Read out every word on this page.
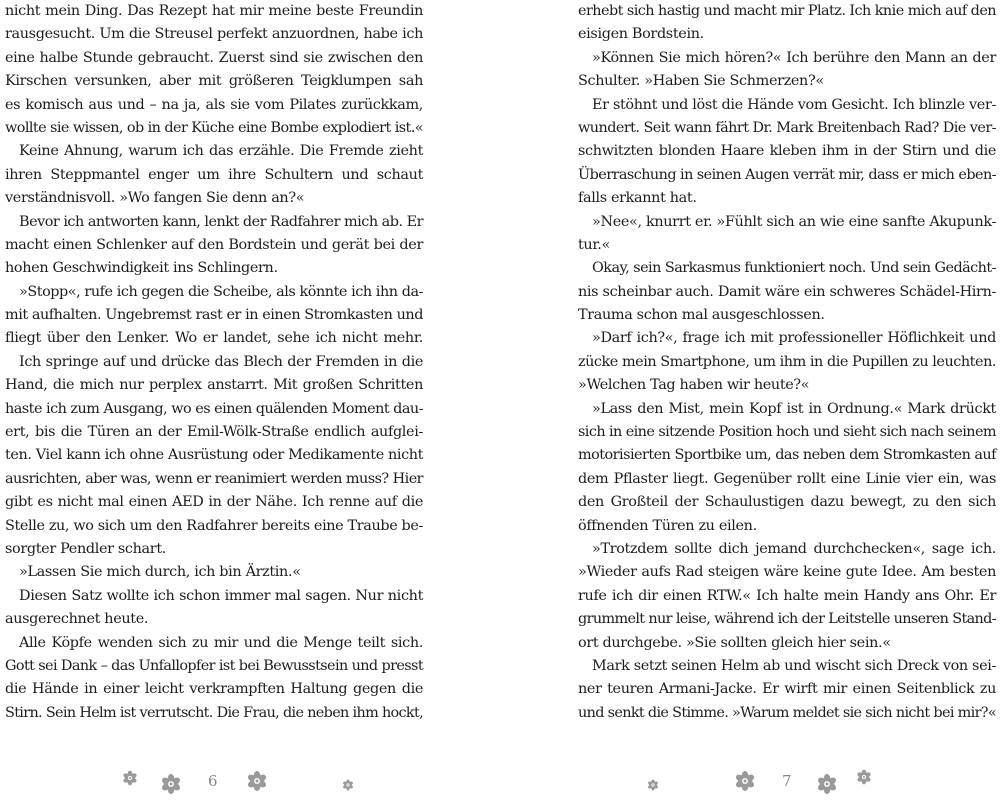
nicht mein Ding. Das Rezept hat mir meine beste Freundin
rausgesucht. Um die Streusel perfekt anzuordnen, habe ich
eine halbe Stunde gebraucht. Zuerst sind sie zwischen den
Kirschen versunken, aber mit größeren Teigklumpen sah
es komisch aus und – na ja, als sie vom Pilates zurückkam,
wollte sie wissen, ob in der Küche eine Bombe explodiert ist.«
Keine Ahnung, warum ich das erzähle. Die Fremde zieht
ihren Steppmantel enger um ihre Schultern und schaut
verständnisvoll. »Wo fangen Sie denn an?«
Bevor ich antworten kann, lenkt der Radfahrer mich ab. Er
macht einen Schlenker auf den Bordstein und gerät bei der
hohen Geschwindigkeit ins Schlingern.
»Stopp«, rufe ich gegen die Scheibe, als könnte ich ihn da-
mit aufhalten. Ungebremst rast er in einen Stromkasten und
fliegt über den Lenker. Wo er landet, sehe ich nicht mehr.
Ich springe auf und drücke das Blech der Fremden in die
Hand, die mich nur perplex anstarrt. Mit großen Schritten
haste ich zum Ausgang, wo es einen quälenden Moment dau-
ert, bis die Türen an der Emil-Wölk-Straße endlich aufglei-
ten. Viel kann ich ohne Ausrüstung oder Medikamente nicht
ausrichten, aber was, wenn er reanimiert werden muss? Hier
gibt es nicht mal einen AED in der Nähe. Ich renne auf die
Stelle zu, wo sich um den Radfahrer bereits eine Traube be-
sorgter Pendler schart.
»Lassen Sie mich durch, ich bin Ärztin.«
Diesen Satz wollte ich schon immer mal sagen. Nur nicht
ausgerechnet heute.
Alle Köpfe wenden sich zu mir und die Menge teilt sich.
Gott sei Dank – das Unfallopfer ist bei Bewusstsein und presst
die Hände in einer leicht verkrampften Haltung gegen die
Stirn. Sein Helm ist verrutscht. Die Frau, die neben ihm hockt,
erhebt sich hastig und macht mir Platz. Ich knie mich auf den
eisigen Bordstein.
»Können Sie mich hören?« Ich berühre den Mann an der
Schulter. »Haben Sie Schmerzen?«
Er stöhnt und löst die Hände vom Gesicht. Ich blinzle ver-
wundert. Seit wann fährt Dr. Mark Breitenbach Rad? Die ver-
schwitzten blonden Haare kleben ihm in der Stirn und die
Überraschung in seinen Augen verrät mir, dass er mich eben-
falls erkannt hat.
»Nee«, knurrt er. »Fühlt sich an wie eine sanfte Akupunk-
tur.«
Okay, sein Sarkasmus funktioniert noch. Und sein Gedächt-
nis scheinbar auch. Damit wäre ein schweres Schädel-Hirn-
Trauma schon mal ausgeschlossen.
»Darf ich?«, frage ich mit professioneller Höflichkeit und
zücke mein Smartphone, um ihm in die Pupillen zu leuchten.
»Welchen Tag haben wir heute?«
»Lass den Mist, mein Kopf ist in Ordnung.« Mark drückt
sich in eine sitzende Position hoch und sieht sich nach seinem
motorisierten Sportbike um, das neben dem Stromkasten auf
dem Pflaster liegt. Gegenüber rollt eine Linie vier ein, was
den Großteil der Schaulustigen dazu bewegt, zu den sich
öffnenden Türen zu eilen.
»Trotzdem sollte dich jemand durchchecken«, sage ich.
»Wieder aufs Rad steigen wäre keine gute Idee. Am besten
rufe ich dir einen RTW.« Ich halte mein Handy ans Ohr. Er
grummelt nur leise, während ich der Leitstelle unseren Stand-
ort durchgebe. »Sie sollten gleich hier sein.«
Mark setzt seinen Helm ab und wischt sich Dreck von sei-
ner teuren Armani-Jacke. Er wirft mir einen Seitenblick zu
und senkt die Stimme. »Warum meldet sie sich nicht bei mir?«
6	7
